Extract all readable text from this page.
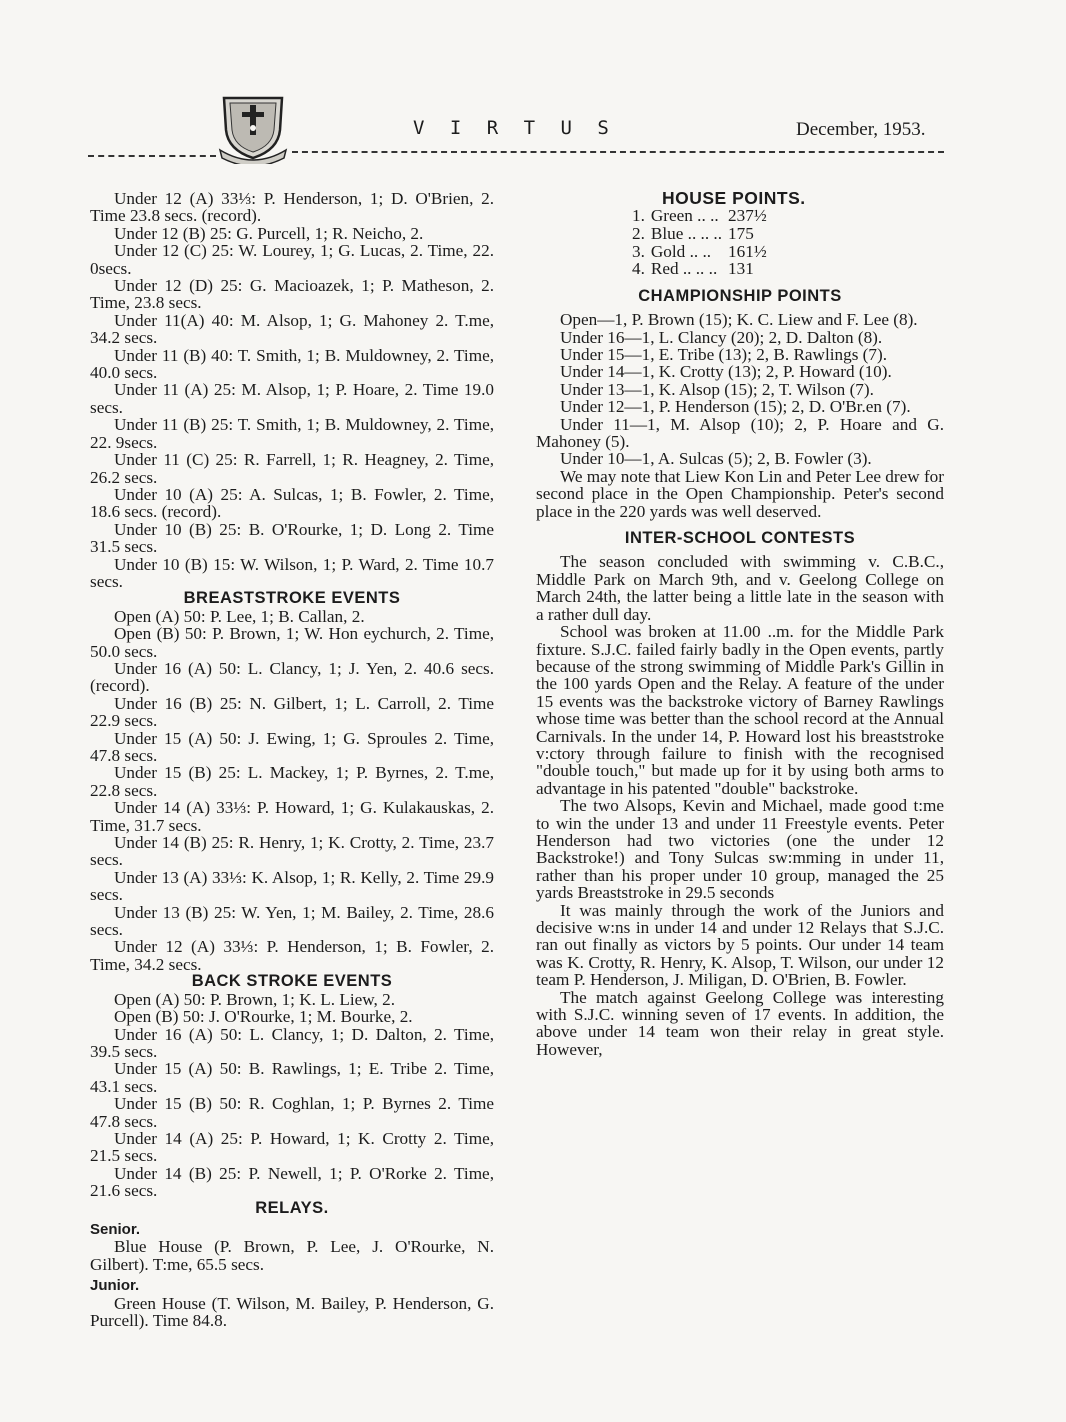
V I R T U S	December, 1953.

Under 12 (A) 33⅓: P. Henderson, 1; D. O'Brien, 2. Time 23.8 secs. (record).

Under 12 (B) 25: G. Purcell, 1; R. Neicho, 2.

Under 12 (C) 25: W. Lourey, 1; G. Lucas, 2. Time, 22. 0secs.

Under 12 (D) 25: G. Macioazek, 1; P. Matheson, 2. Time, 23.8 secs.

Under 11(A) 40: M. Alsop, 1; G. Mahoney 2. T.me, 34.2 secs.

Under 11 (B) 40: T. Smith, 1; B. Muldowney, 2. Time, 40.0 secs.

Under 11 (A) 25: M. Alsop, 1; P. Hoare, 2. Time 19.0 secs.

Under 11 (B) 25: T. Smith, 1; B. Muldowney, 2. Time, 22. 9secs.

Under 11 (C) 25: R. Farrell, 1; R. Heagney, 2. Time, 26.2 secs.

Under 10 (A) 25: A. Sulcas, 1; B. Fowler, 2. Time, 18.6 secs. (record).

Under 10 (B) 25: B. O'Rourke, 1; D. Long 2. Time 31.5 secs.

Under 10 (B) 15: W. Wilson, 1; P. Ward, 2. Time 10.7 secs.

BREASTSTROKE EVENTS

Open (A) 50: P. Lee, 1; B. Callan, 2.

Open (B) 50: P. Brown, 1; W. Hon eychurch, 2. Time, 50.0 secs.

Under 16 (A) 50: L. Clancy, 1; J. Yen, 2. 40.6 secs. (record).

Under 16 (B) 25: N. Gilbert, 1; L. Carroll, 2. Time 22.9 secs.

Under 15 (A) 50: J. Ewing, 1; G. Sproules 2. Time, 47.8 secs.

Under 15 (B) 25: L. Mackey, 1; P. Byrnes, 2. T.me, 22.8 secs.

Under 14 (A) 33⅓: P. Howard, 1; G. Kulakauskas, 2. Time, 31.7 secs.

Under 14 (B) 25: R. Henry, 1; K. Crotty, 2. Time, 23.7 secs.

Under 13 (A) 33⅓: K. Alsop, 1; R. Kelly, 2. Time 29.9 secs.

Under 13 (B) 25: W. Yen, 1; M. Bailey, 2. Time, 28.6 secs.

Under 12 (A) 33⅓: P. Henderson, 1; B. Fowler, 2. Time, 34.2 secs.

BACK STROKE EVENTS

Open (A) 50: P. Brown, 1; K. L. Liew, 2.

Open (B) 50: J. O'Rourke, 1; M. Bourke, 2.

Under 16 (A) 50: L. Clancy, 1; D. Dalton, 2. Time, 39.5 secs.

Under 15 (A) 50: B. Rawlings, 1; E. Tribe 2. Time, 43.1 secs.

Under 15 (B) 50: R. Coghlan, 1; P. Byrnes 2. Time 47.8 secs.

Under 14 (A) 25: P. Howard, 1; K. Crotty 2. Time, 21.5 secs.

Under 14 (B) 25: P. Newell, 1; P. O'Rorke 2. Time, 21.6 secs.

RELAYS.

Senior.

Blue House (P. Brown, P. Lee, J. O'Rourke, N. Gilbert). T:me, 65.5 secs.

Junior.

Green House (T. Wilson, M. Bailey, P. Henderson, G. Purcell). Time 84.8.

HOUSE POINTS.

1.	Green .. ..	237½
2.	Blue .. .. ..	175
3.	Gold .. ..	161½
4.	Red .. .. ..	131

CHAMPIONSHIP POINTS

Open—1, P. Brown (15); K. C. Liew and F. Lee (8).

Under 16—1, L. Clancy (20); 2, D. Dalton (8).

Under 15—1, E. Tribe (13); 2, B. Rawlings (7).

Under 14—1, K. Crotty (13); 2, P. Howard (10).

Under 13—1, K. Alsop (15); 2, T. Wilson (7).

Under 12—1, P. Henderson (15); 2, D. O'Br.en (7).

Under 11—1, M. Alsop (10); 2, P. Hoare and G. Mahoney (5).

Under 10—1, A. Sulcas (5); 2, B. Fowler (3).

We may note that Liew Kon Lin and Peter Lee drew for second place in the Open Championship. Peter's second place in the 220 yards was well deserved.

INTER-SCHOOL CONTESTS

The season concluded with swimming v. C.B.C., Middle Park on March 9th, and v. Geelong College on March 24th, the latter being a little late in the season with a rather dull day.

School was broken at 11.00 ..m. for the Middle Park fixture. S.J.C. failed fairly badly in the Open events, partly because of the strong swimming of Middle Park's Gillin in the 100 yards Open and the Relay. A feature of the under 15 events was the backstroke victory of Barney Rawlings whose time was better than the school record at the Annual Carnivals. In the under 14, P. Howard lost his breaststroke v:ctory through failure to finish with the recognised "double touch," but made up for it by using both arms to advantage in his patented "double" backstroke.

The two Alsops, Kevin and Michael, made good t:me to win the under 13 and under 11 Freestyle events. Peter Henderson had two victories (one the under 12 Backstroke!) and Tony Sulcas sw:mming in under 11, rather than his proper under 10 group, managed the 25 yards Breaststroke in 29.5 seconds

It was mainly through the work of the Juniors and decisive w:ns in under 14 and under 12 Relays that S.J.C. ran out finally as victors by 5 points. Our under 14 team was K. Crotty, R. Henry, K. Alsop, T. Wilson, our under 12 team P. Henderson, J. Miligan, D. O'Brien, B. Fowler.

The match against Geelong College was interesting with S.J.C. winning seven of 17 events. In addition, the above under 14 team won their relay in great style. However,
